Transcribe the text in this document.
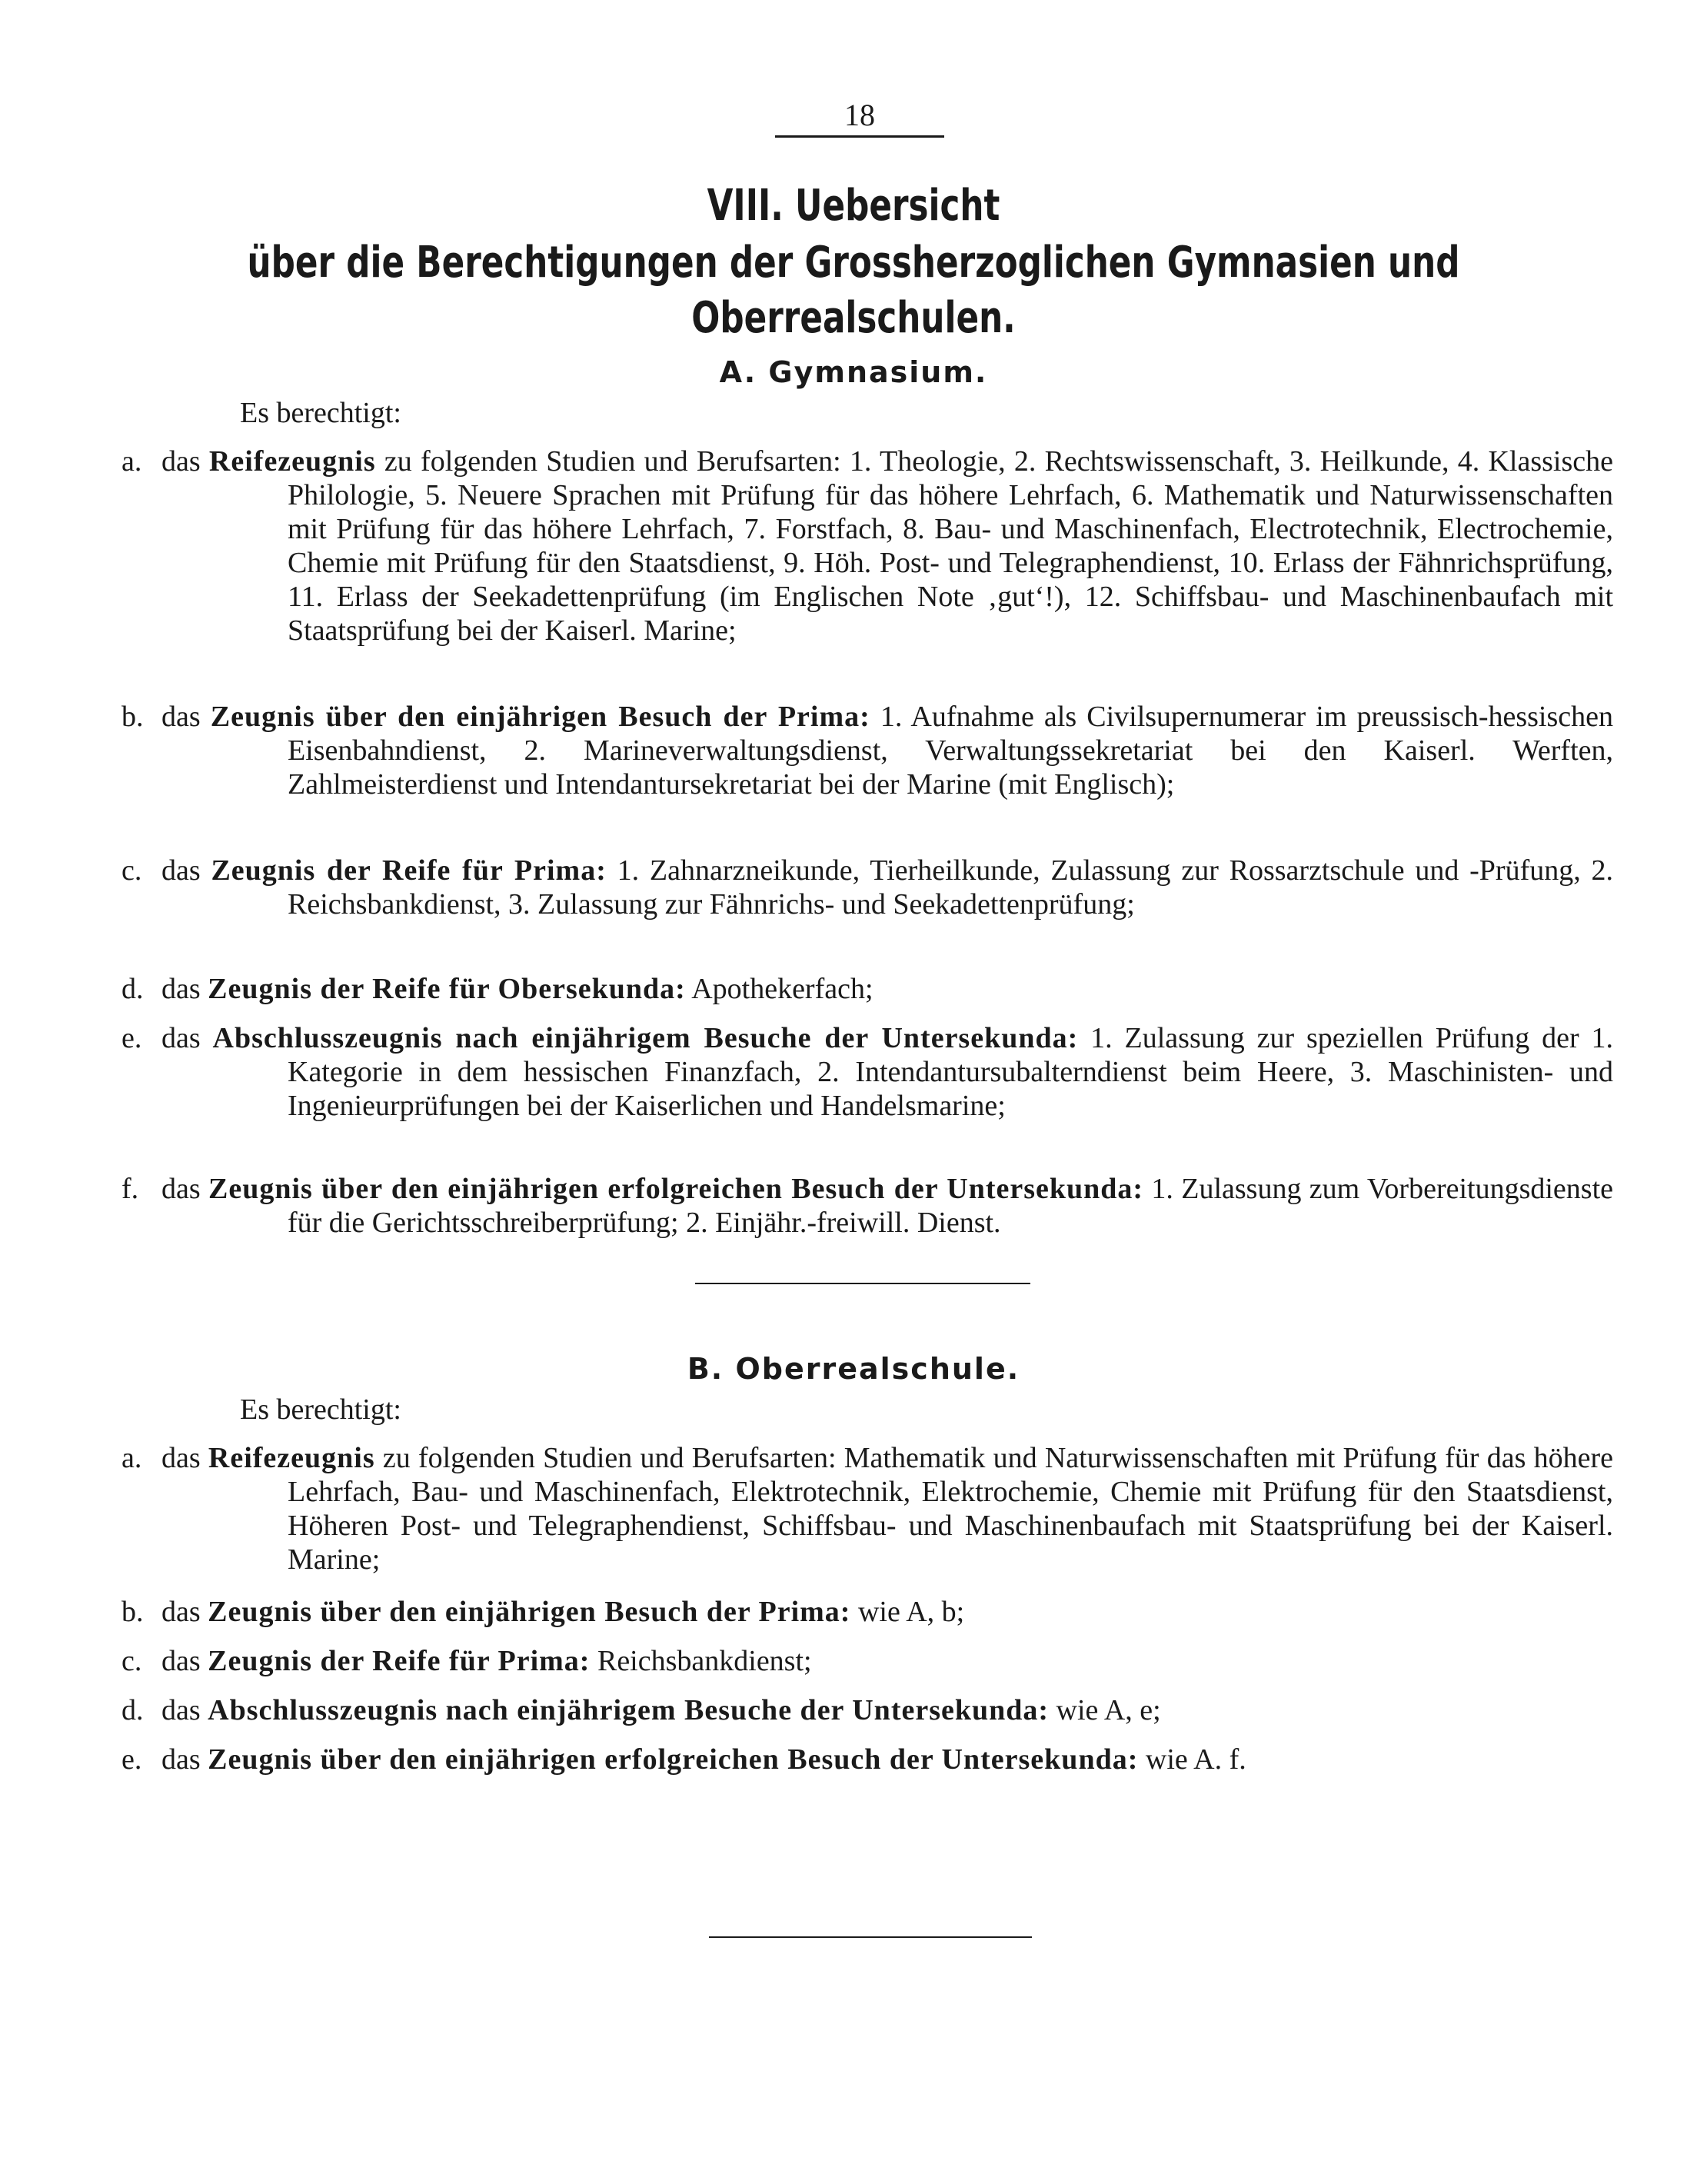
18
VIII. Uebersicht
über die Berechtigungen der Grossherzoglichen Gymnasien und Oberrealschulen.
A. Gymnasium.
Es berechtigt:
a. das Reifezeugnis zu folgenden Studien und Berufsarten: 1. Theologie, 2. Rechtswissenschaft, 3. Heilkunde, 4. Klassische Philologie, 5. Neuere Sprachen mit Prüfung für das höhere Lehrfach, 6. Mathematik und Naturwissenschaften mit Prüfung für das höhere Lehrfach, 7. Forstfach, 8. Bau- und Maschinenfach, Electrotechnik, Electrochemie, Chemie mit Prüfung für den Staatsdienst, 9. Höh. Post- und Telegraphendienst, 10. Erlass der Fähnrichsprüfung, 11. Erlass der Seekadettenprüfung (im Englischen Note ‚gut‘!), 12. Schiffsbau- und Maschinenbaufach mit Staatsprüfung bei der Kaiserl. Marine;
b. das Zeugnis über den einjährigen Besuch der Prima: 1. Aufnahme als Civilsupernumerar im preussisch-hessischen Eisenbahndienst, 2. Marineverwaltungsdienst, Verwaltungssekretariat bei den Kaiserl. Werften, Zahlmeisterdienst und Intendantursekretariat bei der Marine (mit Englisch);
c. das Zeugnis der Reife für Prima: 1. Zahnarzneikunde, Tierheilkunde, Zulassung zur Rossarztschule und -Prüfung, 2. Reichsbankdienst, 3. Zulassung zur Fähnrichs- und Seekadettenprüfung;
d. das Zeugnis der Reife für Obersekunda: Apothekerfach;
e. das Abschlusszeugnis nach einjährigem Besuche der Untersekunda: 1. Zulassung zur speziellen Prüfung der 1. Kategorie in dem hessischen Finanzfach, 2. Intendantursubalterndienst beim Heere, 3. Maschinisten- und Ingenieurprüfungen bei der Kaiserlichen und Handelsmarine;
f. das Zeugnis über den einjährigen erfolgreichen Besuch der Untersekunda: 1. Zulassung zum Vorbereitungsdienste für die Gerichtsschreiberprüfung; 2. Einjähr.-freiwill. Dienst.
B. Oberrealschule.
Es berechtigt:
a. das Reifezeugnis zu folgenden Studien und Berufsarten: Mathematik und Naturwissenschaften mit Prüfung für das höhere Lehrfach, Bau- und Maschinenfach, Elektrotechnik, Elektrochemie, Chemie mit Prüfung für den Staatsdienst, Höheren Post- und Telegraphendienst, Schiffsbau- und Maschinenbaufach mit Staatsprüfung bei der Kaiserl. Marine;
b. das Zeugnis über den einjährigen Besuch der Prima: wie A, b;
c. das Zeugnis der Reife für Prima: Reichsbankdienst;
d. das Abschlusszeugnis nach einjährigem Besuche der Untersekunda: wie A, e;
e. das Zeugnis über den einjährigen erfolgreichen Besuch der Untersekunda: wie A. f.
